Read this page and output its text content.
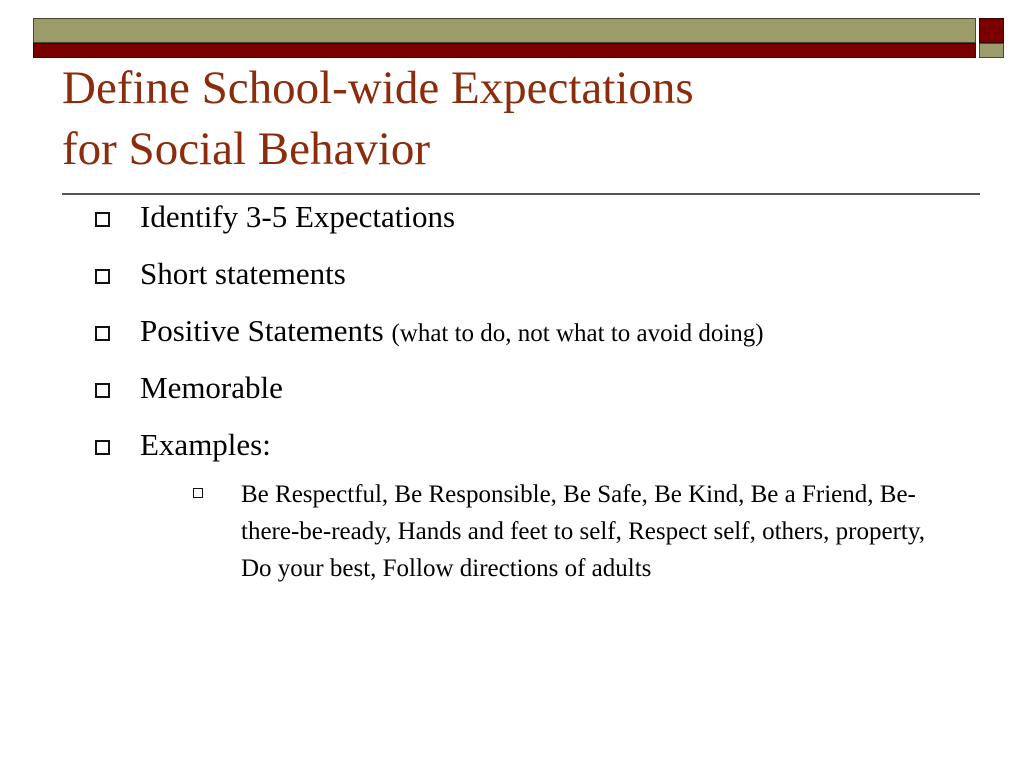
Define School-wide Expectations
for Social Behavior
Identify 3-5 Expectations
Short statements
Positive Statements (what to do, not what to avoid doing)
Memorable
Examples:
Be Respectful, Be Responsible, Be Safe, Be Kind, Be a Friend, Be-there-be-ready, Hands and feet to self, Respect self, others, property, Do your best, Follow directions of adults
